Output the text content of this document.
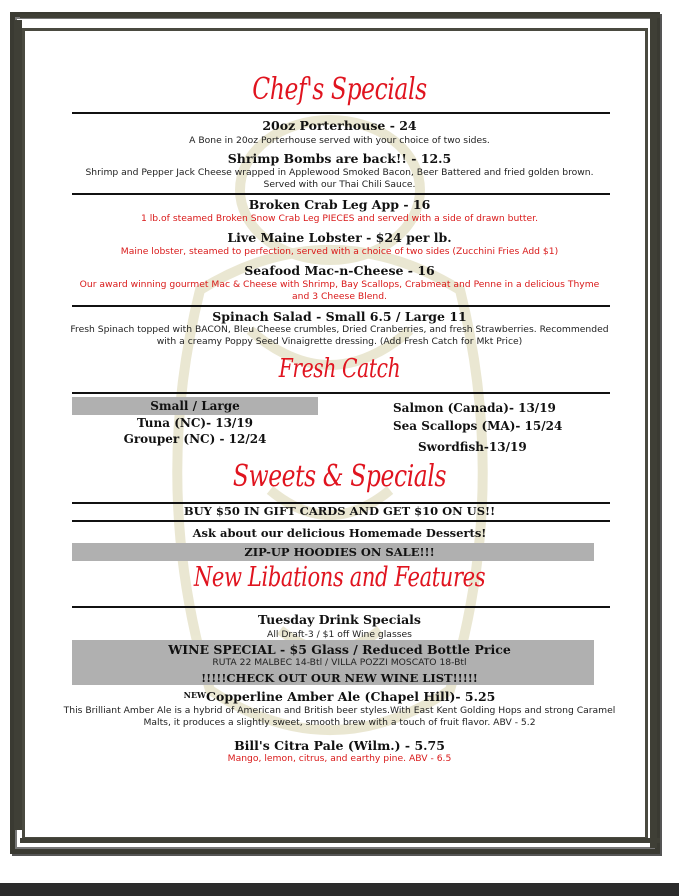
Chef's Specials
20oz Porterhouse - 24
A Bone in 20oz Porterhouse served with your choice of two sides.
Shrimp Bombs are back!! - 12.5
Shrimp and Pepper Jack Cheese wrapped in Applewood Smoked Bacon, Beer Battered and fried golden brown. Served with our Thai Chili Sauce.
Broken Crab Leg App - 16
1 lb.of steamed Broken Snow Crab Leg PIECES and served with a side of drawn butter.
Live Maine Lobster - $24 per lb.
Maine lobster, steamed to perfection, served with a choice of two sides (Zucchini Fries Add $1)
Seafood Mac-n-Cheese - 16
Our award winning gourmet Mac & Cheese with Shrimp, Bay Scallops, Crabmeat and Penne in a delicious Thyme and 3 Cheese Blend.
Spinach Salad - Small 6.5 / Large 11
Fresh Spinach topped with BACON, Bleu Cheese crumbles, Dried Cranberries, and fresh Strawberries. Recommended with a creamy Poppy Seed Vinaigrette dressing. (Add Fresh Catch for Mkt Price)
Fresh Catch
Small / Large
Tuna (NC)- 13/19
Grouper (NC) - 12/24
Salmon (Canada)- 13/19
Sea Scallops (MA)- 15/24
Swordfish-13/19
Sweets & Specials
BUY $50 IN GIFT CARDS AND GET $10 ON US!!
Ask about our delicious Homemade Desserts!
ZIP-UP HOODIES ON SALE!!!
New Libations and Features
Tuesday Drink Specials
All Draft-3 / $1 off Wine glasses
WINE SPECIAL - $5 Glass / Reduced Bottle Price
RUTA 22 MALBEC 14-Btl / VILLA POZZI MOSCATO 18-Btl
!!!!!CHECK OUT OUR NEW WINE LIST!!!!!
$^{NEW}$Copperline Amber Ale (Chapel Hill)- 5.25
This Brilliant Amber Ale is a hybrid of American and British beer styles.With East Kent Golding Hops and strong Caramel Malts, it produces a slightly sweet, smooth brew with a touch of fruit flavor. ABV - 5.2
Bill's Citra Pale (Wilm.) - 5.75
Mango, lemon, citrus, and earthy pine. ABV - 6.5
